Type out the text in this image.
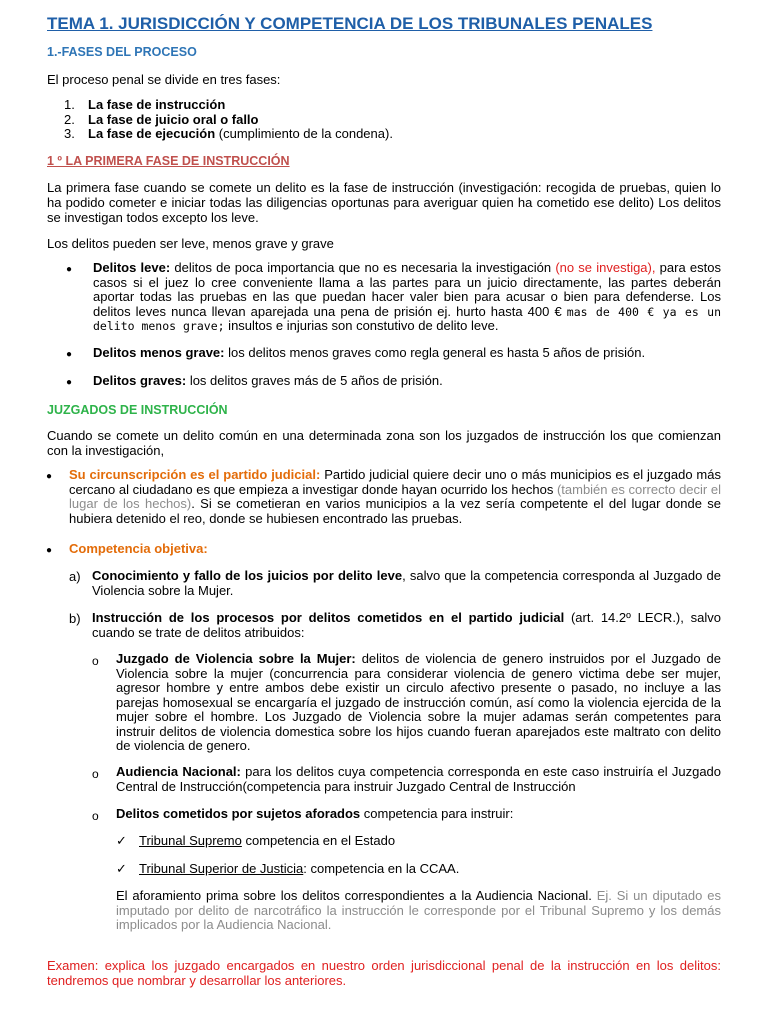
TEMA 1. JURISDICCIÓN Y COMPETENCIA DE LOS TRIBUNALES PENALES
1.-FASES DEL PROCESO
El proceso penal se divide en tres fases:
1. La fase de instrucción
2. La fase de juicio oral o fallo
3. La fase de ejecución (cumplimiento de la condena).
1 º LA PRIMERA FASE DE INSTRUCCIÓN
La primera fase cuando se comete un delito es la fase de instrucción (investigación: recogida de pruebas, quien lo ha podido cometer e iniciar todas las diligencias oportunas para averiguar quien ha cometido ese delito) Los delitos se investigan todos excepto los leve.
Los delitos pueden ser leve, menos grave y grave
● Delitos leve: delitos de poca importancia que no es necesaria la investigación (no se investiga), para estos casos si el juez lo cree conveniente llama a las partes para un juicio directamente, las partes deberán aportar todas las pruebas en las que puedan hacer valer bien para acusar o bien para defenderse. Los delitos leves nunca llevan aparejada una pena de prisión ej. hurto hasta 400 € mas de 400 € ya es un delito menos grave; insultos e injurias son constutivo de delito leve.
● Delitos menos grave: los delitos menos graves como regla general es hasta 5 años de prisión.
● Delitos graves: los delitos graves más de 5 años de prisión.
JUZGADOS DE INSTRUCCIÓN
Cuando se comete un delito común en una determinada zona son los juzgados de instrucción los que comienzan con la investigación,
● Su circunscripción es el partido judicial: Partido judicial quiere decir uno o más municipios es el juzgado más cercano al ciudadano es que empieza a investigar donde hayan ocurrido los hechos (también es correcto decir el lugar de los hechos). Si se cometieran en varios municipios a la vez sería competente el del lugar donde se hubiera detenido el reo, donde se hubiesen encontrado las pruebas.
● Competencia objetiva:
a) Conocimiento y fallo de los juicios por delito leve, salvo que la competencia corresponda al Juzgado de Violencia sobre la Mujer.
b) Instrucción de los procesos por delitos cometidos en el partido judicial (art. 14.2º LECR.), salvo cuando se trate de delitos atribuidos:
o Juzgado de Violencia sobre la Mujer: delitos de violencia de genero instruidos por el Juzgado de Violencia sobre la mujer (concurrencia para considerar violencia de genero victima debe ser mujer, agresor hombre y entre ambos debe existir un circulo afectivo presente o pasado, no incluye a las parejas homosexual se encargaría el juzgado de instrucción común, así como la violencia ejercida de la mujer sobre el hombre. Los Juzgado de Violencia sobre la mujer adamas serán competentes para instruir delitos de violencia domestica sobre los hijos cuando fueran aparejados este maltrato con delito de violencia de genero.
o Audiencia Nacional: para los delitos cuya competencia corresponda en este caso instruiría el Juzgado Central de Instrucción(competencia para instruir Juzgado Central de Instrucción
o Delitos cometidos por sujetos aforados competencia para instruir:
✓ Tribunal Supremo competencia en el Estado
✓ Tribunal Superior de Justicia: competencia en la CCAA.
El aforamiento prima sobre los delitos correspondientes a la Audiencia Nacional. Ej. Si un diputado es imputado por delito de narcotráfico la instrucción le corresponde por el Tribunal Supremo y los demás implicados por la Audiencia Nacional.
Examen: explica los juzgado encargados en nuestro orden jurisdiccional penal de la instrucción en los delitos: tendremos que nombrar y desarrollar los anteriores.
